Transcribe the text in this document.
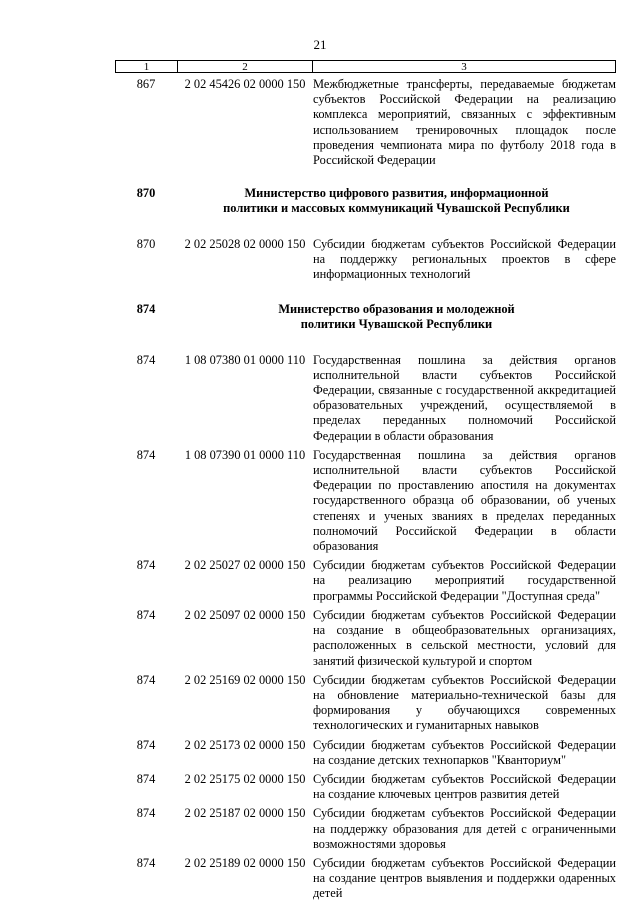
21
1	2	3
867	2 02 45426 02 0000 150 Межбюджетные трансферты, передаваемые бюджетам субъектов Российской Федерации на реализацию комплекса мероприятий, связанных с эффективным использованием тренировочных площадок после проведения чемпионата мира по футболу 2018 года в Российской Федерации
870	Министерство цифрового развития, информационной политики и массовых коммуникаций Чувашской Республики
870	2 02 25028 02 0000 150 Субсидии бюджетам субъектов Российской Федерации на поддержку региональных проектов в сфере информационных технологий
874	Министерство образования и молодежной политики Чувашской Республики
874	1 08 07380 01 0000 110 Государственная пошлина за действия органов исполнительной власти субъектов Российской Федерации, связанные с государственной аккредитацией образовательных учреждений, осуществляемой в пределах переданных полномочий Российской Федерации в области образования
874	1 08 07390 01 0000 110 Государственная пошлина за действия органов исполнительной власти субъектов Российской Федерации по проставлению апостиля на документах государственного образца об образовании, об ученых степенях и ученых званиях в пределах переданных полномочий Российской Федерации в области образования
874	2 02 25027 02 0000 150 Субсидии бюджетам субъектов Российской Федерации на реализацию мероприятий государственной программы Российской Федерации "Доступная среда"
874	2 02 25097 02 0000 150 Субсидии бюджетам субъектов Российской Федерации на создание в общеобразовательных организациях, расположенных в сельской местности, условий для занятий физической культурой и спортом
874	2 02 25169 02 0000 150 Субсидии бюджетам субъектов Российской Федерации на обновление материально-технической базы для формирования у обучающихся современных технологических и гуманитарных навыков
874	2 02 25173 02 0000 150 Субсидии бюджетам субъектов Российской Федерации на создание детских технопарков "Кванториум"
874	2 02 25175 02 0000 150 Субсидии бюджетам субъектов Российской Федерации на создание ключевых центров развития детей
874	2 02 25187 02 0000 150 Субсидии бюджетам субъектов Российской Федерации на поддержку образования для детей с ограниченными возможностями здоровья
874	2 02 25189 02 0000 150 Субсидии бюджетам субъектов Российской Федерации на создание центров выявления и поддержки одаренных детей
